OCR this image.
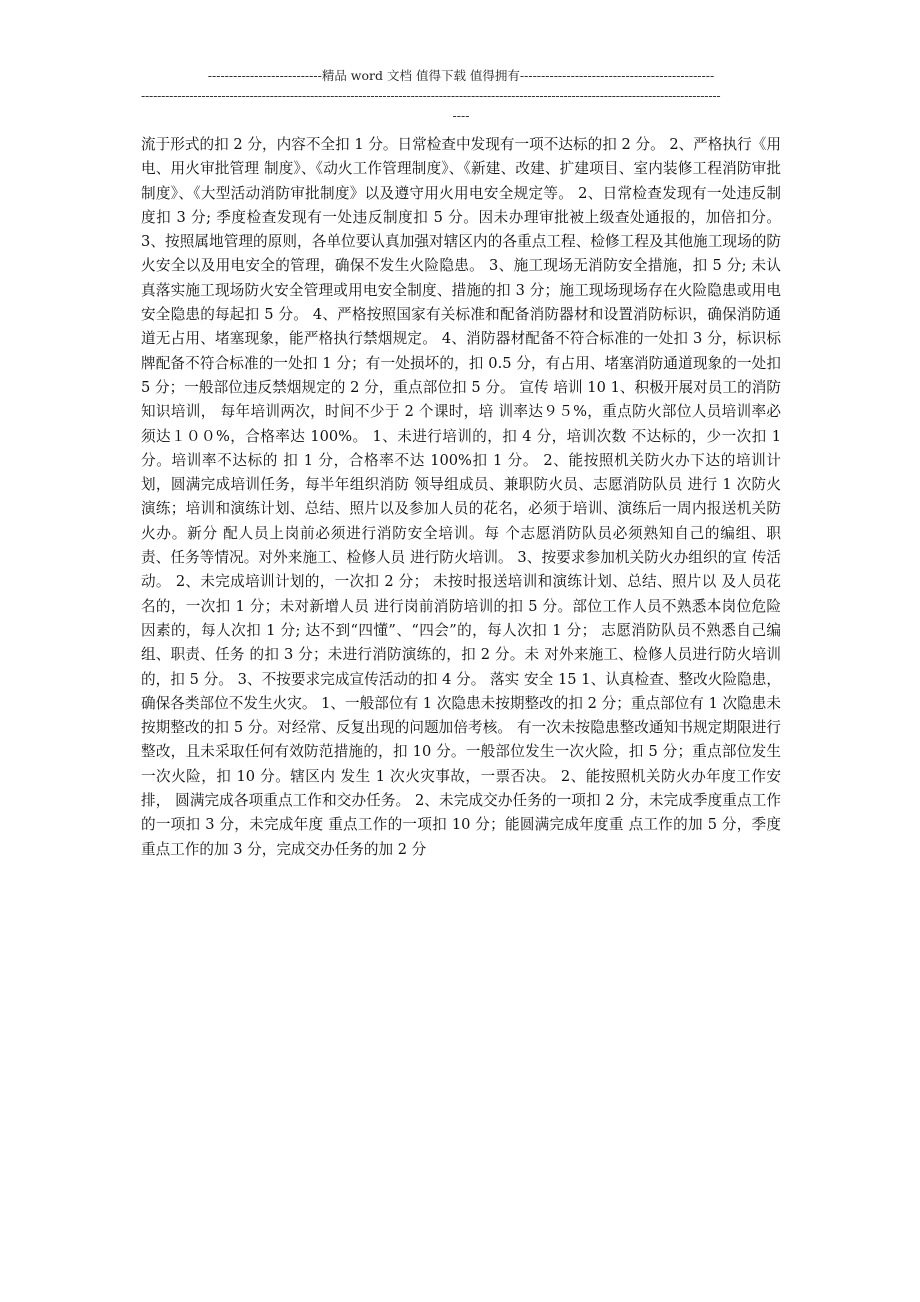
---------------------------精品 word 文档 值得下载 值得拥有----------------------------------------------
------------------------------------------------------------------------------------------------------------------------------------------------
----
流于形式的扣 2 分，内容不全扣 1 分。日常检查中发现有一项不达标的扣 2 分。 2、严格执行《用电、用火审批管理 制度》、《动火工作管理制度》、《新建、改建、扩建项目、室内装修工程消防审批制度》、《大型活动消防审批制度》以及遵守用火用电安全规定等。 2、日常检查发现有一处违反制度扣 3 分; 季度检查发现有一处违反制度扣 5 分。因未办理审批被上级查处通报的，加倍扣分。 3、按照属地管理的原则，各单位要认真加强对辖区内的各重点工程、检修工程及其他施工现场的防火安全以及用电安全的管理，确保不发生火险隐患。 3、施工现场无消防安全措施，扣 5 分; 未认真落实施工现场防火安全管理或用电安全制度、措施的扣 3 分；施工现场现场存在火险隐患或用电安全隐患的每起扣 5 分。 4、严格按照国家有关标准和配备消防器材和设置消防标识，确保消防通道无占用、堵塞现象，能严格执行禁烟规定。 4、消防器材配备不符合标准的一处扣 3 分，标识标牌配备不符合标准的一处扣 1 分；有一处损坏的，扣 0.5 分，有占用、堵塞消防通道现象的一处扣 5 分；一般部位违反禁烟规定的 2 分，重点部位扣 5 分。 宣传 培训 10 1、积极开展对员工的消防知识培训， 每年培训两次，时间不少于 2 个课时，培 训率达９５%，重点防火部位人员培训率必须达１００%，合格率达 100%。 1、未进行培训的，扣 4 分，培训次数 不达标的，少一次扣 1 分。培训率不达标的 扣 1 分，合格率不达 100%扣 1 分。 2、能按照机关防火办下达的培训计 划，圆满完成培训任务，每半年组织消防 领导组成员、兼职防火员、志愿消防队员 进行 1 次防火演练；培训和演练计划、总结、照片以及参加人员的花名，必须于培训、演练后一周内报送机关防火办。新分 配人员上岗前必须进行消防安全培训。每 个志愿消防队员必须熟知自己的编组、职 责、任务等情况。对外来施工、检修人员 进行防火培训。 3、按要求参加机关防火办组织的宣 传活动。 2、未完成培训计划的，一次扣 2 分； 未按时报送培训和演练计划、总结、照片以 及人员花名的，一次扣 1 分；未对新增人员 进行岗前消防培训的扣 5 分。部位工作人员不熟悉本岗位危险因素的，每人次扣 1 分; 达不到“四懂”、“四会”的，每人次扣 1 分； 志愿消防队员不熟悉自己编组、职责、任务 的扣 3 分；未进行消防演练的，扣 2 分。未 对外来施工、检修人员进行防火培训的，扣 5 分。 3、不按要求完成宣传活动的扣 4 分。 落实 安全 15 1、认真检查、整改火险隐患，确保各类部位不发生火灾。 1、一般部位有 1 次隐患未按期整改的扣 2 分；重点部位有 1 次隐患未按期整改的扣 5 分。对经常、反复出现的问题加倍考核。 有一次未按隐患整改通知书规定期限进行整改，且未采取任何有效防范措施的，扣 10 分。一般部位发生一次火险，扣 5 分；重点部位发生一次火险，扣 10 分。辖区内 发生 1 次火灾事故，一票否决。 2、能按照机关防火办年度工作安排， 圆满完成各项重点工作和交办任务。 2、未完成交办任务的一项扣 2 分，未完成季度重点工作的一项扣 3 分，未完成年度 重点工作的一项扣 10 分；能圆满完成年度重 点工作的加 5 分，季度重点工作的加 3 分，完成交办任务的加 2 分
